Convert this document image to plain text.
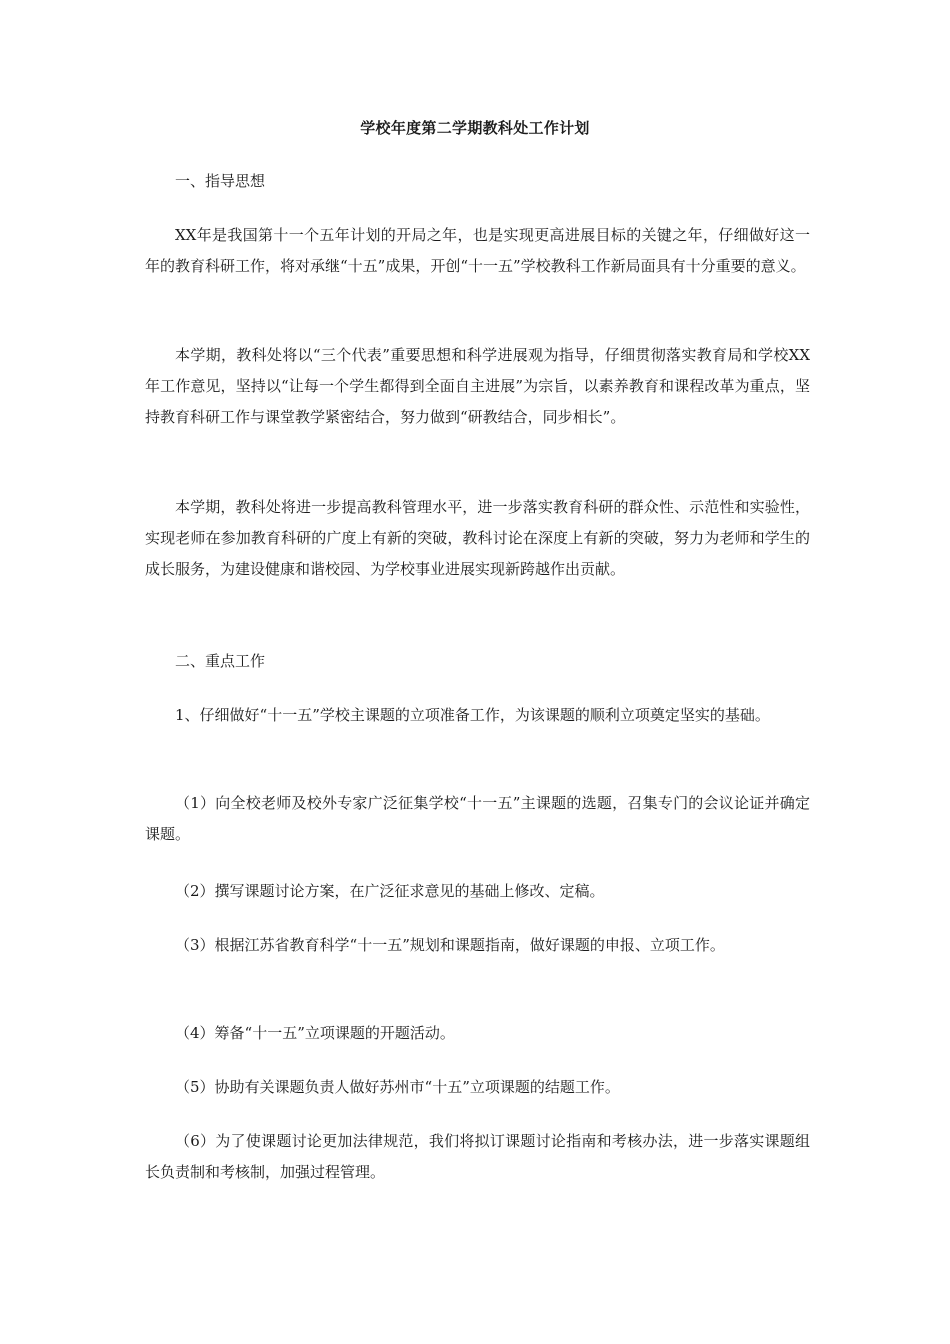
学校年度第二学期教科处工作计划

一、指导思想

XX年是我国第十一个五年计划的开局之年，也是实现更高进展目标的关键之年，仔细做好这一年的教育科研工作，将对承继“十五”成果，开创“十一五”学校教科工作新局面具有十分重要的意义。

本学期，教科处将以“三个代表”重要思想和科学进展观为指导，仔细贯彻落实教育局和学校XX年工作意见，坚持以“让每一个学生都得到全面自主进展”为宗旨，以素养教育和课程改革为重点，坚持教育科研工作与课堂教学紧密结合，努力做到“研教结合，同步相长”。

本学期，教科处将进一步提高教科管理水平，进一步落实教育科研的群众性、示范性和实验性，实现老师在参加教育科研的广度上有新的突破，教科讨论在深度上有新的突破，努力为老师和学生的成长服务，为建设健康和谐校园、为学校事业进展实现新跨越作出贡献。

二、重点工作

1、仔细做好“十一五”学校主课题的立项准备工作，为该课题的顺利立项奠定坚实的基础。

（1）向全校老师及校外专家广泛征集学校“十一五”主课题的选题，召集专门的会议论证并确定课题。

（2）撰写课题讨论方案，在广泛征求意见的基础上修改、定稿。

（3）根据江苏省教育科学“十一五”规划和课题指南，做好课题的申报、立项工作。

（4）筹备“十一五”立项课题的开题活动。

（5）协助有关课题负责人做好苏州市“十五”立项课题的结题工作。

（6）为了使课题讨论更加法律规范，我们将拟订课题讨论指南和考核办法，进一步落实课题组长负责制和考核制，加强过程管理。
